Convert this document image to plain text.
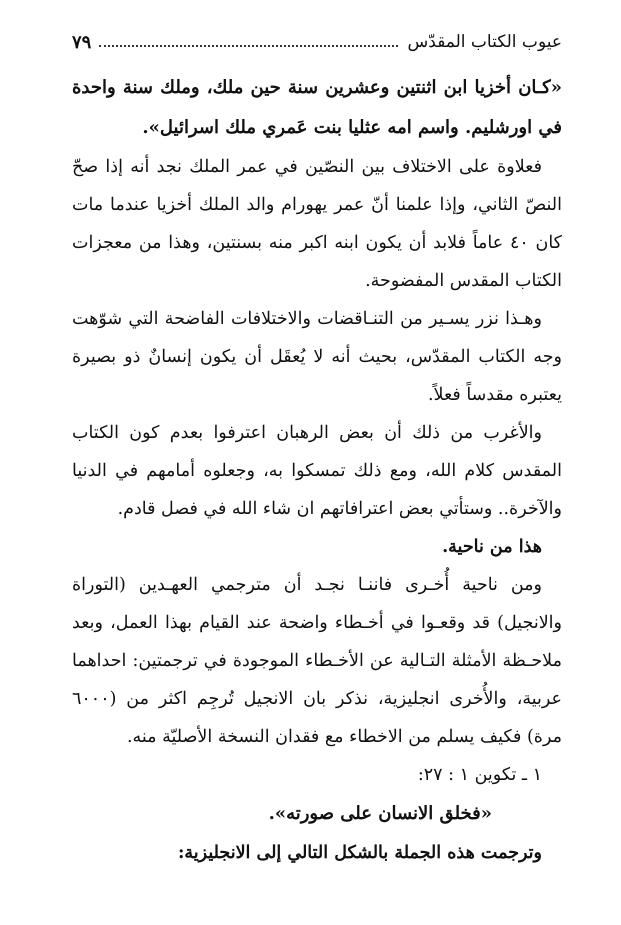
عيوب الكتاب المقدّس
٧٩

«كـان أخزيا ابن اثنتين وعشرين سنة حين ملك، وملك سنة واحدة في اورشليم. واسم امه عثليا بنت عَمري ملك اسرائيل».

فعلاوة على الاختلاف بين النصّين في عمر الملك نجد أنه إذا صحّ النصّ الثاني، وإذا علمنا أنّ عمر يهورام والد الملك أخزيا عندما مات كان ٤٠ عاماً فلابد أن يكون ابنه اكبر منه بسنتين، وهذا من معجزات الكتاب المقدس المفضوحة.

وهـذا نزر يسـير من التنـاقضات والاختلافات الفاضحة التي شوّهت وجه الكتاب المقدّس، بحيث أنه لا يُعقَل أن يكون إنسانٌ ذو بصيرة يعتبره مقدساً فعلاً.

والأغرب من ذلك أن بعض الرهبان اعترفوا بعدم كون الكتاب المقدس كلام الله، ومع ذلك تمسكوا به، وجعلوه أمامهم في الدنيا والآخرة.. وستأتي بعض اعترافاتهم ان شاء الله في فصل قادم.

هذا من ناحية.

ومن ناحية أُخـرى فاننـا نجـد أن مترجمي العهـدين (التوراة والانجيل) قد وقعـوا في أخـطاء واضحة عند القيام بهذا العمل، وبعد ملاحـظة الأمثلة التـالية عن الأخـطاء الموجودة في ترجمتين: احداهما عربية، والأُخرى انجليزية، نذكر بان الانجيل تُرجِم اكثر من (٦٠٠٠ مرة) فكيف يسلم من الاخطاء مع فقدان النسخة الأصليّة منه.

١ ـ تكوين ١ : ٢٧:

«فخلق الانسان على صورته».

وترجمت هذه الجملة بالشكل التالي إلى الانجليزية:
